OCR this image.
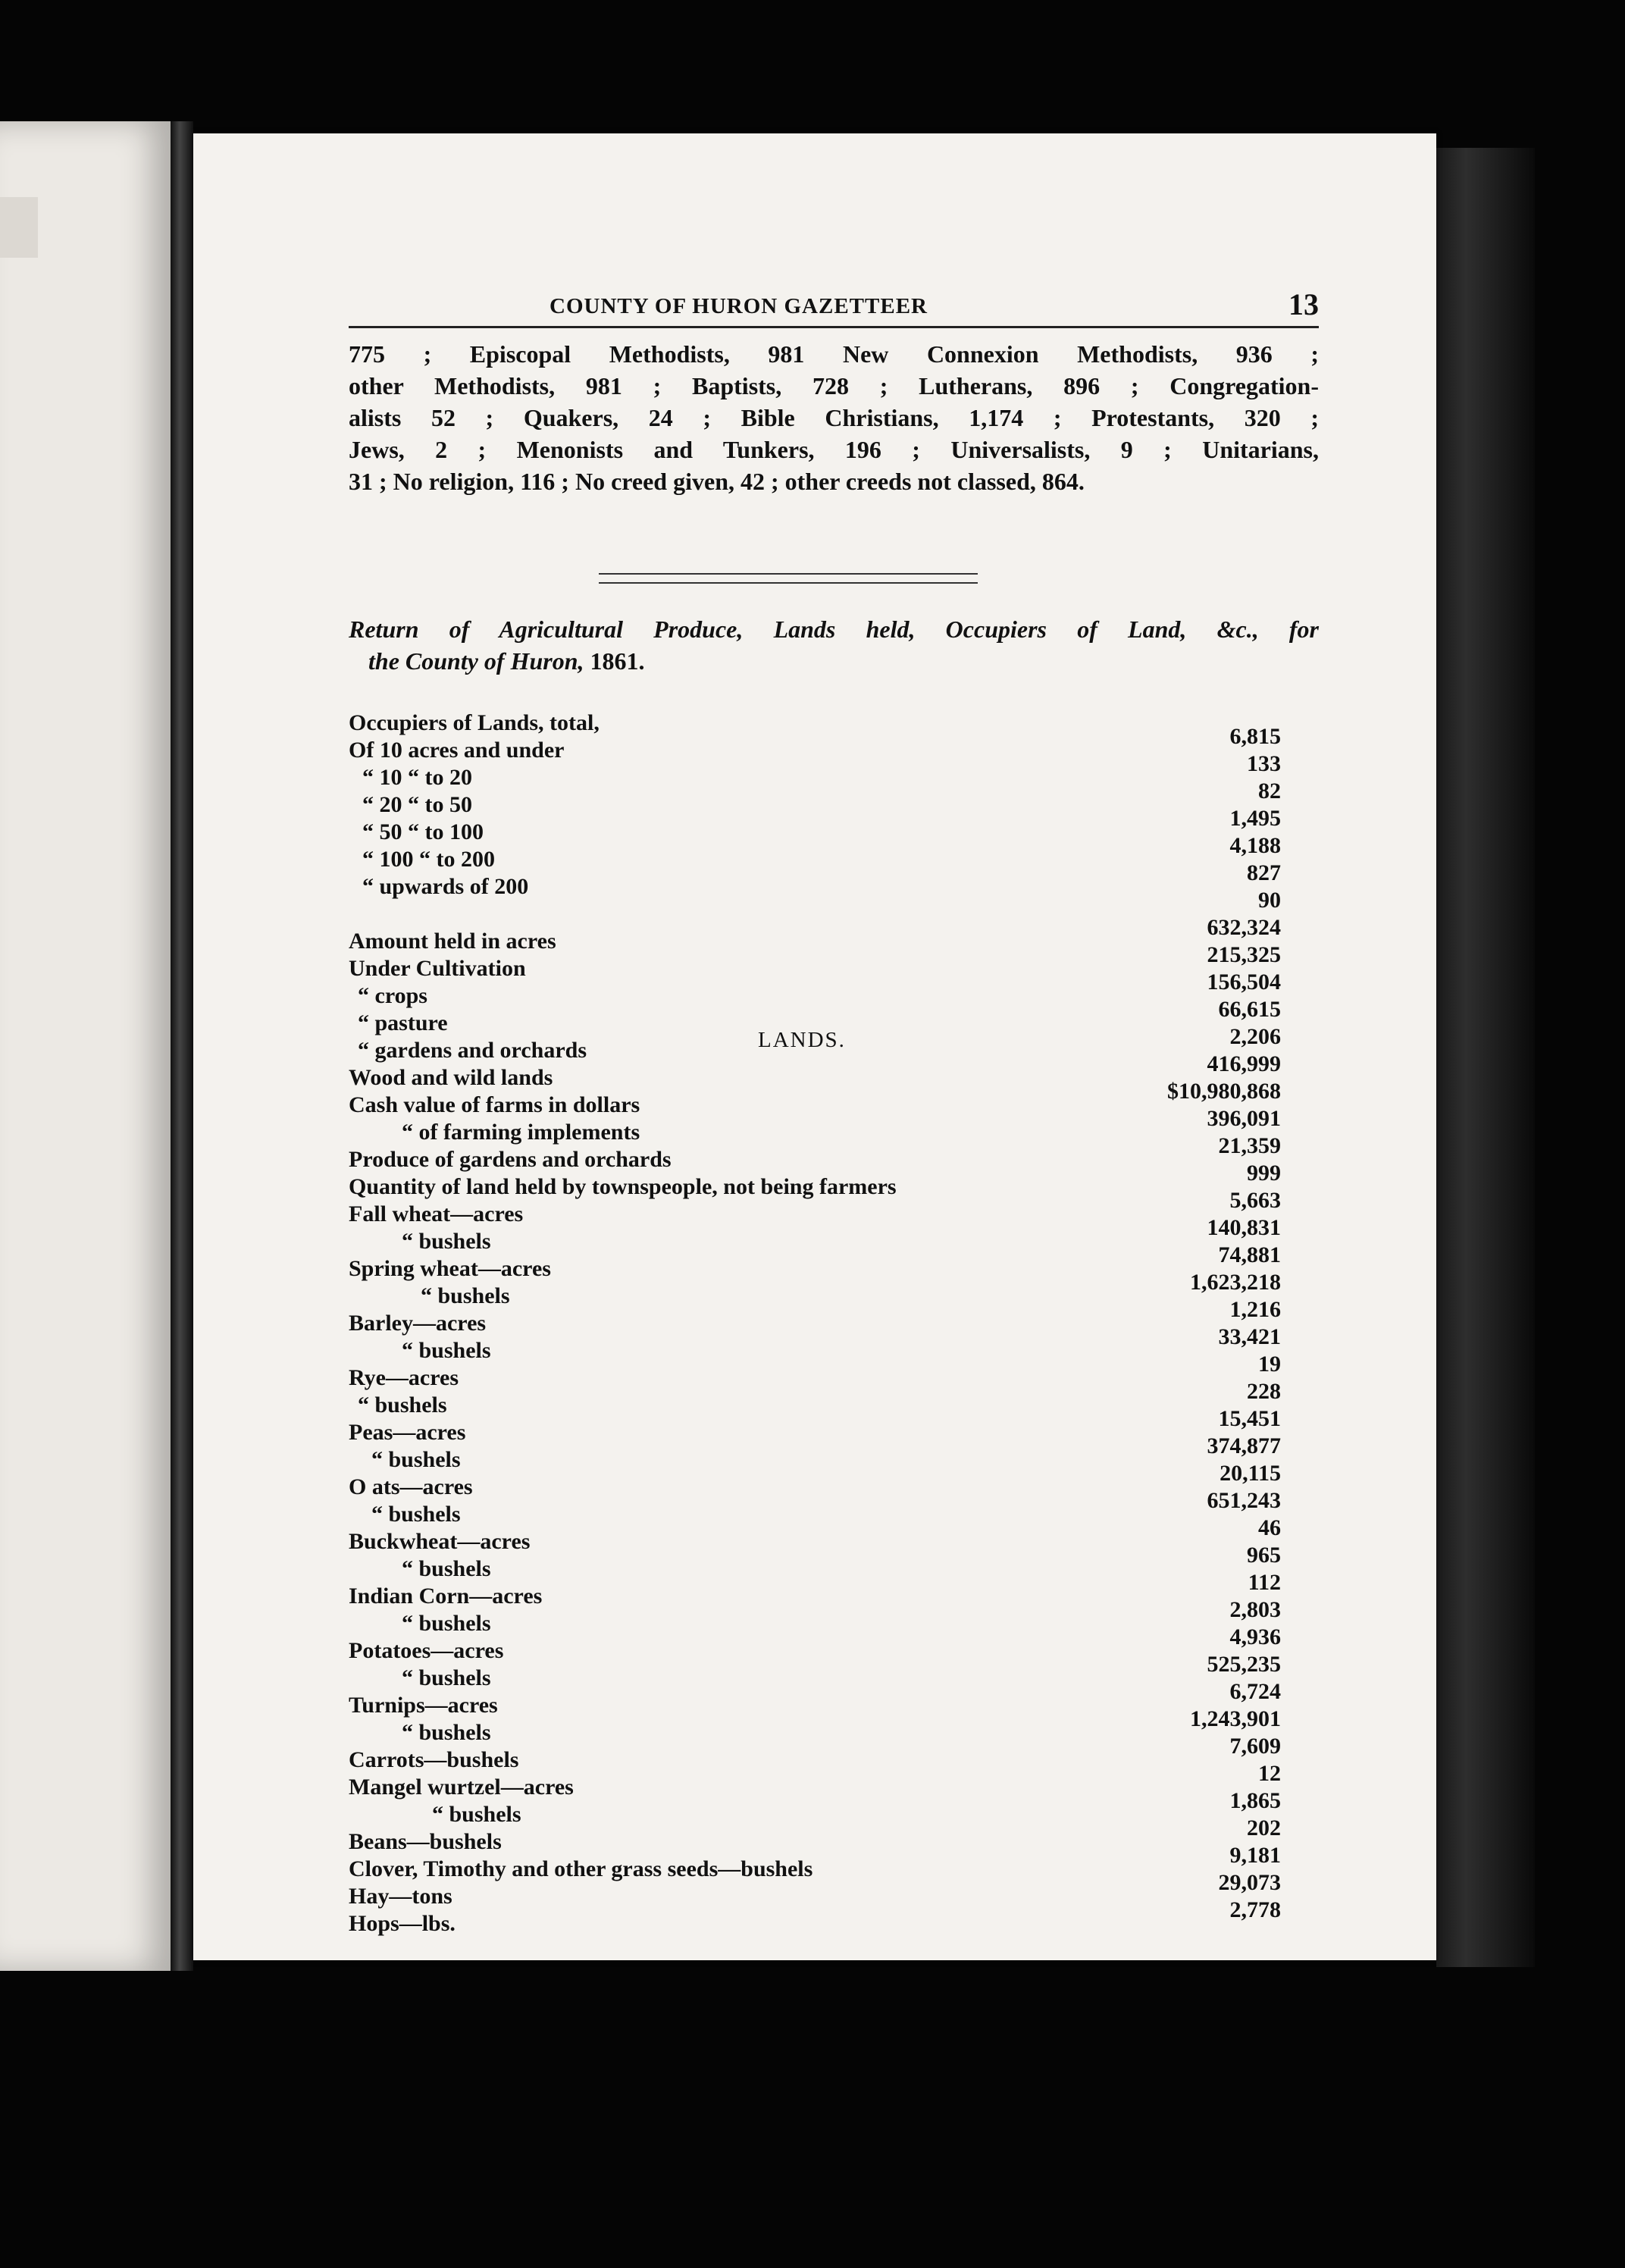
COUNTY OF HURON GAZETTEER	13
775 ; Episcopal Methodists, 981 New Connexion Methodists, 936 ;
other Methodists, 981 ; Baptists, 728 ; Lutherans, 896 ; Congregation-
alists 52 ; Quakers, 24 ; Bible Christians, 1,174 ; Protestants, 320 ;
Jews, 2 ; Menonists and Tunkers, 196 ; Universalists, 9 ; Unitarians,
31 ; No religion, 116 ; No creed given, 42 ; other creeds not classed, 864.
Return of Agricultural Produce, Lands held, Occupiers of Land, &c., for
the County of Huron, 1861.
Occupiers of Lands, total,
Of 10 acres and under
“ 10 “ to 20
“ 20 “ to 50
“ 50 “ to 100
“ 100 “ to 200
“ upwards of 200
Amount held in acres
Under Cultivation
“ crops
“ pasture
“ gardens and orchards
Wood and wild lands
Cash value of farms in dollars
“ of farming implements
Produce of gardens and orchards
Quantity of land held by townspeople, not being farmers
Fall wheat—acres
“ bushels
Spring wheat—acres
“ bushels
Barley—acres
“ bushels
Rye—acres
“ bushels
Peas—acres
“ bushels
O ats—acres
“ bushels
Buckwheat—acres
“ bushels
Indian Corn—acres
“ bushels
Potatoes—acres
“ bushels
Turnips—acres
“ bushels
Carrots—bushels
Mangel wurtzel—acres
“ bushels
Beans—bushels
Clover, Timothy and other grass seeds—bushels
Hay—tons
Hops—lbs.
LANDS.
6,815
133
82
1,495
4,188
827
90
632,324
215,325
156,504
66,615
2,206
416,999
$10,980,868
396,091
21,359
999
5,663
140,831
74,881
1,623,218
1,216
33,421
19
228
15,451
374,877
20,115
651,243
46
965
112
2,803
4,936
525,235
6,724
1,243,901
7,609
12
1,865
202
9,181
29,073
2,778
